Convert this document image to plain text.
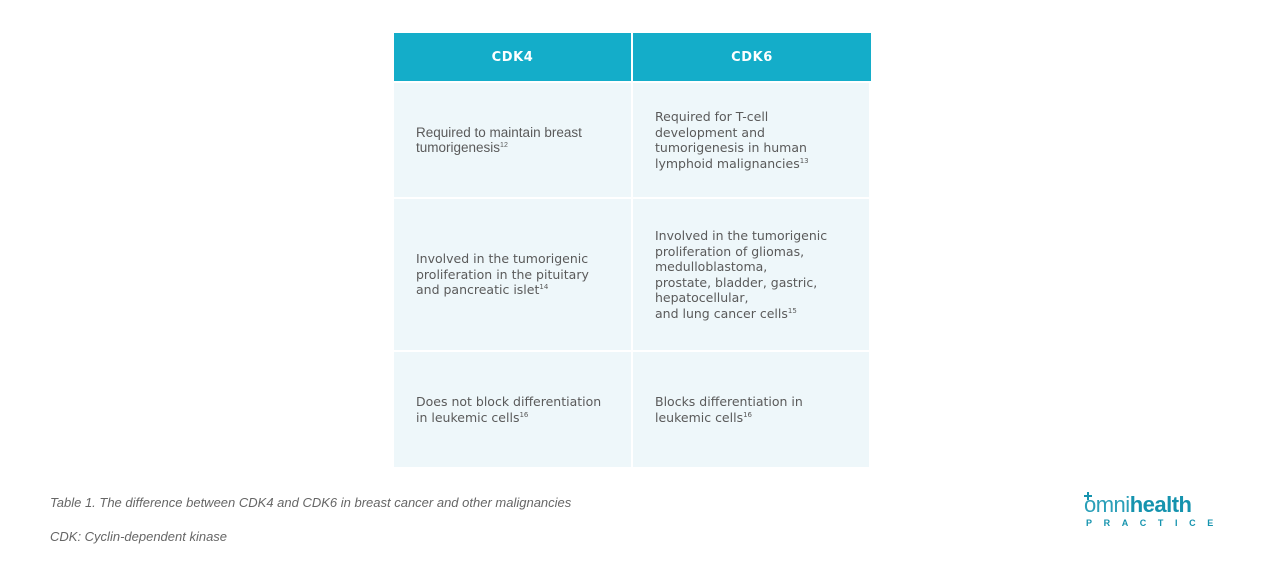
CDK4	CDK6
Required to maintain breast
tumorigenesis$^{12}$
Required for T-cell
development and
tumorigenesis in human
lymphoid malignancies$^{13}$
Involved in the tumorigenic
proliferation in the pituitary
and pancreatic islet$^{14}$
Involved in the tumorigenic
proliferation of gliomas,
medulloblastoma,
prostate, bladder, gastric,
hepatocellular,
and lung cancer cells$^{15}$
Does not block differentiation
in leukemic cells$^{16}$
Blocks differentiation in
leukemic cells$^{16}$
Table 1. The difference between CDK4 and CDK6 in breast cancer and other malignancies
CDK: Cyclin-dependent kinase
omnihealth
PRACTICE
